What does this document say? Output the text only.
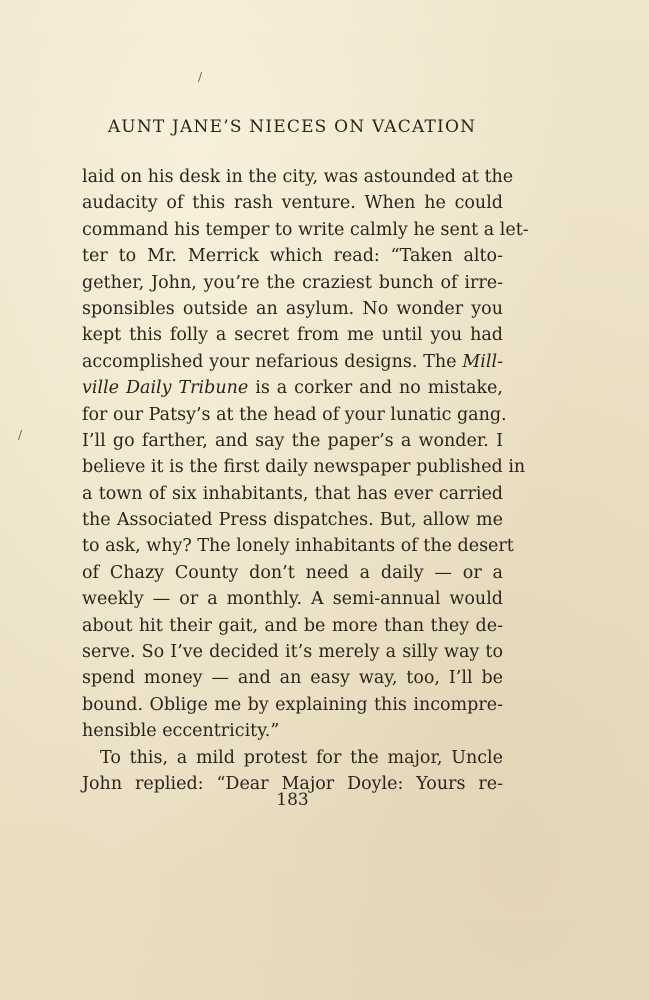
/
/
AUNT JANE’S NIECES ON VACATION
laid on his desk in the city, was astounded at the
audacity of this rash venture. When he could
command his temper to write calmly he sent a let-
ter to Mr. Merrick which read: “Taken alto-
gether, John, you’re the craziest bunch of irre-
sponsibles outside an asylum. No wonder you
kept this folly a secret from me until you had
accomplished your nefarious designs. The Mill-
ville Daily Tribune is a corker and no mistake,
for our Patsy’s at the head of your lunatic gang.
I’ll go farther, and say the paper’s a wonder. I
believe it is the first daily newspaper published in
a town of six inhabitants, that has ever carried
the Associated Press dispatches. But, allow me
to ask, why? The lonely inhabitants of the desert
of Chazy County don’t need a daily — or a
weekly — or a monthly. A semi-annual would
about hit their gait, and be more than they de-
serve. So I’ve decided it’s merely a silly way to
spend money — and an easy way, too, I’ll be
bound. Oblige me by explaining this incompre-
hensible eccentricity.”
To this, a mild protest for the major, Uncle
John replied: “Dear Major Doyle: Yours re-
183
